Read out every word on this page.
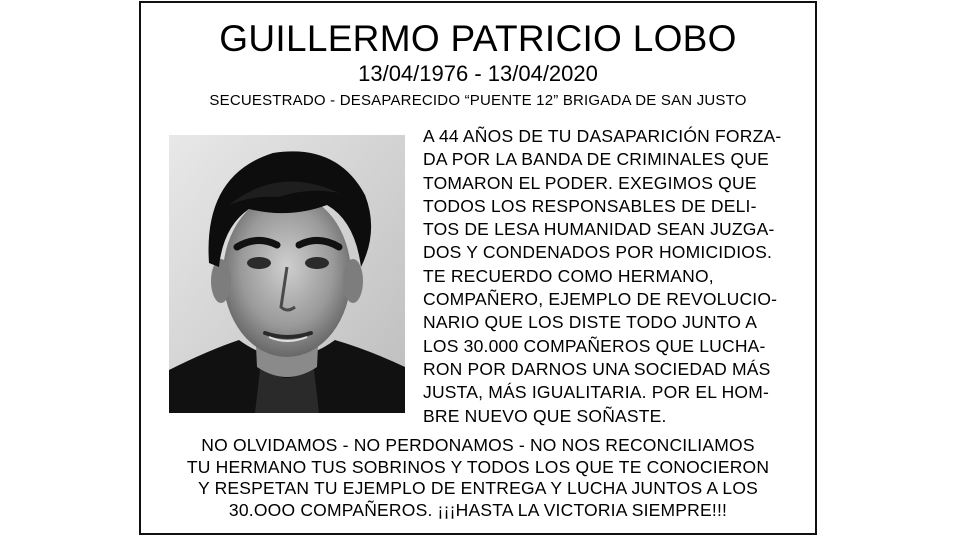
GUILLERMO PATRICIO LOBO
13/04/1976 - 13/04/2020
SECUESTRADO - DESAPARECIDO “PUENTE 12” BRIGADA DE SAN JUSTO
A 44 AÑOS DE TU DASAPARICIÓN FORZA-
DA POR LA BANDA DE CRIMINALES QUE
TOMARON EL PODER. EXEGIMOS QUE
TODOS LOS RESPONSABLES DE DELI-
TOS DE LESA HUMANIDAD SEAN JUZGA-
DOS Y CONDENADOS POR HOMICIDIOS.
TE RECUERDO COMO HERMANO,
COMPAÑERO, EJEMPLO DE REVOLUCIO-
NARIO QUE LOS DISTE TODO JUNTO A
LOS 30.000 COMPAÑEROS QUE LUCHA-
RON POR DARNOS UNA SOCIEDAD MÁS
JUSTA, MÁS IGUALITARIA. POR EL HOM-
BRE NUEVO QUE SOÑASTE.
NO OLVIDAMOS - NO PERDONAMOS - NO NOS RECONCILIAMOS
TU HERMANO TUS SOBRINOS Y TODOS LOS QUE TE CONOCIERON
Y RESPETAN TU EJEMPLO DE ENTREGA Y LUCHA JUNTOS A LOS
30.OOO COMPAÑEROS. ¡¡¡HASTA LA VICTORIA SIEMPRE!!!
